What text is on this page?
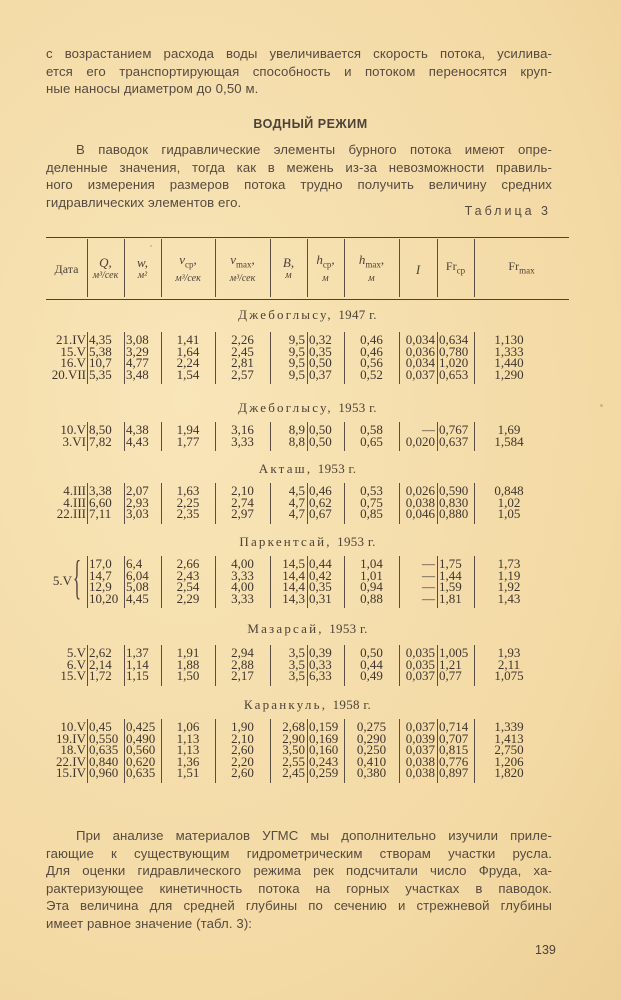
с возрастанием расхода воды увеличивается скорость потока, усилива-
ется его транспортирующая способность и потоком переносятся круп-
ные наносы диаметром до 0,50 м.
ВОДНЫЙ РЕЖИМ
В паводок гидравлические элементы бурного потока имеют опре-
деленные значения, тогда как в межень из-за невозможности правиль-
ного измерения размеров потока трудно получить величину средних
гидравлических элементов его.
Таблица 3
Дата Q,
м³/сек
w,
м²
$v_{ср}$,
м³/сек
$v_{max}$,
м³/сек
B,
м
$h_{ср}$,
м
$h_{max}$,
м
I $Fr_{ср}$	$Fr_{max}$
Джебоглысу, 1947 г.
21.IV
15.V
16.V
20.VII
4,35
5,38
10,7
5,35
3,08
3,29
4,77
3,48
1,41
1,64
2,24
1,54
2,26
2,45
2,81
2,57
9,5
9,5
9,5
9,5
0,32
0,35
0,50
0,37
0,46
0,46
0,56
0,52
0,034
0,036
0,034
0,037
0,634
0,780
1,020
0,653
1,130
1,333
1,440
1,290
Джебоглысу, 1953 г.
10.V
3.VI
8,50
7,82
4,38
4,43
1,94
1,77
3,16
3,33
8,9
8,8
0,50
0,50
0,58
0,65
—
0,020
0,767
0,637
1,69
1,584
Акташ, 1953 г.
4.III
4.III
22.III
3,38
6,60
7,11
2,07
2,93
3,03
1,63
2,25
2,35
2,10
2,74
2,97
4,5
4,7
4,7
0,46
0,62
0,67
0,53
0,75
0,85
0,026
0,038
0,046
0,590
0,830
0,880
0,848
1,02
1,05
Паркентсай, 1953 г.
17,0
14,7
12,9
10,20
6,4
6,04
5,08
4,45
2,66
2,43
2,54
2,29
4,00
3,33
4,00
3,33
14,5
14,4
14,4
14,3
0,44
0,42
0,35
0,31
1,04
1,01
0,94
0,88
—
—
—
—
1,75
1,44
1,59
1,81
1,73
1,19
1,92
1,43
5.V {
Мазарсай, 1953 г.
5.V
6.V
15.V
2,62
2,14
1,72
1,37
1,14
1,15
1,91
1,88
1,50
2,94
2,88
2,17
3,5
3,5
3,5
0,39
0,33
6,33
0,50
0,44
0,49
0,035
0,035
0,037
1,005
1,21
0,77
1,93
2,11
1,075
Каранкуль, 1958 г.
10.V
19.IV
18.V
22.IV
15.IV
0,45
0,550
0,635
0,840
0,960
0,425
0,490
0,560
0,620
0,635
1,06
1,13
1,13
1,36
1,51
1,90
2,10
2,60
2,20
2,60
2,68
2,90
3,50
2,55
2,45
0,159
0,169
0,160
0,243
0,259
0,275
0,290
0,250
0,410
0,380
0,037
0,039
0,037
0,038
0,038
0,714
0,707
0,815
0,776
0,897
1,339
1,413
2,750
1,206
1,820
При анализе материалов УГМС мы дополнительно изучили приле-
гающие к существующим гидрометрическим створам участки русла.
Для оценки гидравлического режима рек подсчитали число Фруда, ха-
рактеризующее кинетичность потока на горных участках в паводок.
Эта величина для средней глубины по сечению и стрежневой глубины
имеет равное значение (табл. 3):
139
